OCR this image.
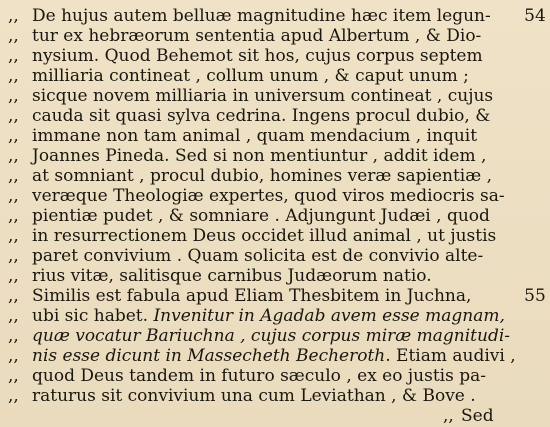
,, De hujus autem belluæ magnitudine hæc item legun- 54
,, tur ex hebræorum sententia apud Albertum , & Dio-
,, nysium. Quod Behemot sit hos, cujus corpus septem
,, milliaria contineat , collum unum , & caput unum ;
,, sicque novem milliaria in universum contineat , cujus
,, cauda sit quasi sylva cedrina. Ingens procul dubio, &
,, immane non tam animal , quam mendacium , inquit
,, Joannes Pineda. Sed si non mentiuntur , addit idem ,
,, at somniant , procul dubio, homines veræ sapientiæ ,
,, veræque Theologiæ expertes, quod viros mediocris sa-
,, pientiæ pudet , & somniare . Adjungunt Judæi , quod
,, in resurrectionem Deus occidet illud animal , ut justis
,, paret convivium . Quam solicita est de convivio alte-
,, rius vitæ, salitisque carnibus Judæorum natio.
,, Similis est fabula apud Eliam Thesbitem in Juchna,	55
,, ubi sic habet. Invenitur in Agadab avem esse magnam,
,, quæ vocatur Bariuchna , cujus corpus miræ magnitudi-
,, nis esse dicunt in Massecheth Becheroth. Etiam audivi ,
,, quod Deus tandem in futuro sæculo , ex eo justis pa-
,, raturus sit convivium una cum Leviathan , & Bove .
,, Sed
